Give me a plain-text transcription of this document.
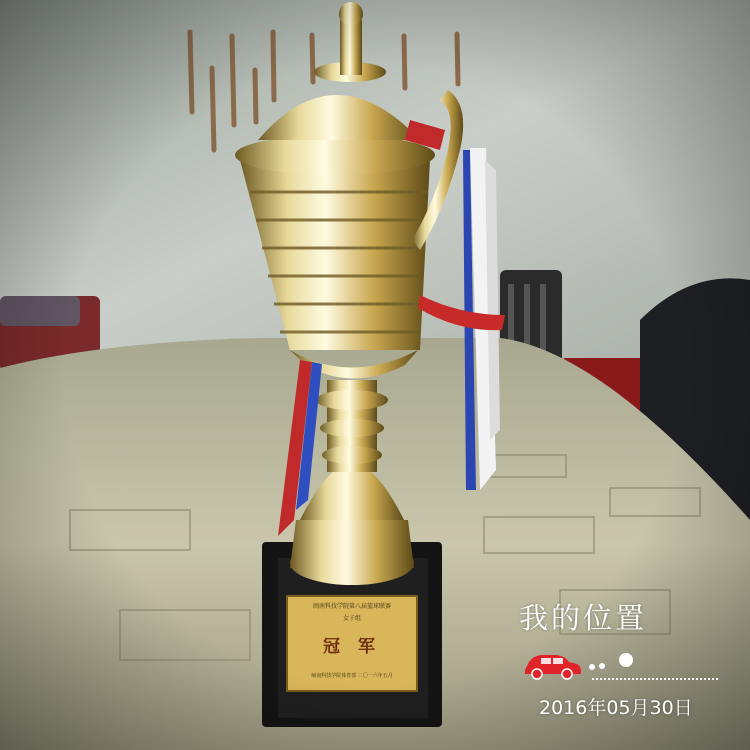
闽南科技学院第八届篮球联赛
女子组
冠 军
闽南科技学院体育部 二〇一六年五月
我的位置
2016年05月30日
